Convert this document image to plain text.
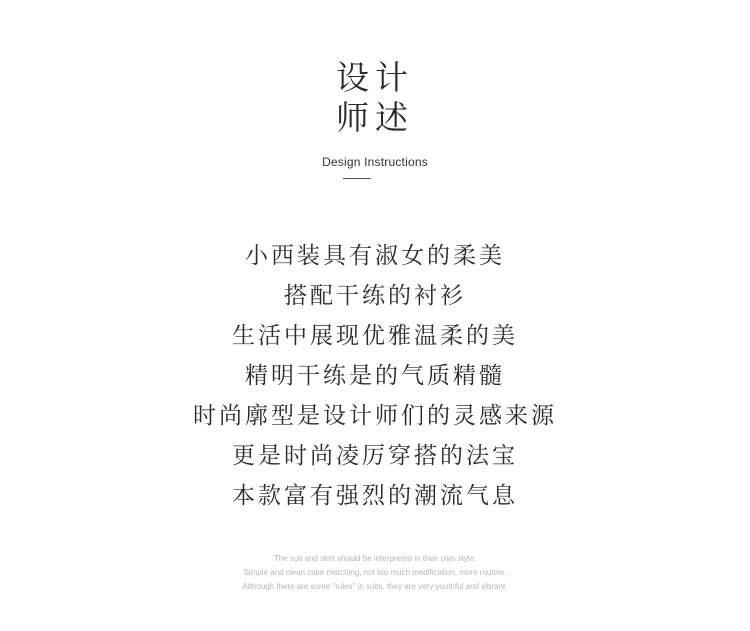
设计
师述
Design Instructions
小西装具有淑女的柔美
搭配干练的衬衫
生活中展现优雅温柔的美
精明干练是的气质精髓
时尚廓型是设计师们的灵感来源
更是时尚凌厉穿搭的法宝
本款富有强烈的潮流气息
The suit and skirt should be interpreted in their own style.
Simple and clean color matching, not too much modification, more routine.
Although there are some "rules" in suits, they are very youthful and vibrant.
